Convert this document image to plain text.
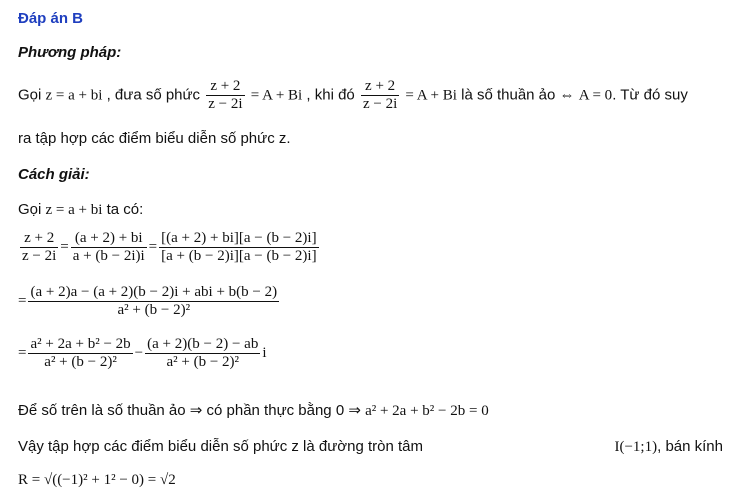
Đáp án B
Phương pháp:
Gọi z = a + bi , đưa số phức $\frac{z + 2}{z - 2i} = A + Bi$ , khi đó $\frac{z + 2}{z - 2i} = A + Bi$ là số thuần ảo ⇔ A = 0. Từ đó suy
ra tập hợp các điểm biểu diễn số phức z.
Cách giải:
Gọi z = a + bi ta có:
$\frac{z + 2}{z - 2i} = \frac{(a + 2) + bi}{a + (b - 2i)i} = \frac{[(a + 2) + bi][a - (b - 2)i]}{[a + (b - 2)i][a - (b - 2)i]}$
= $\frac{\text{(a + 2)a − (a + 2)(b − 2)i + abi + b(b − 2)}}{\text{a² + (b − 2)²}}$
= $\frac{\text{a² + 2a + b² − 2b}}{\text{a² + (b − 2)²}} - \frac{(a + 2)(b - 2) - ab}{\text{a² + (b − 2)²}}$ i
Để số trên là số thuần ảo ⇒ có phần thực bằng 0 ⇒ a² + 2a + b² − 2b = 0
Vậy tập hợp các điểm biểu diễn số phức z là đường tròn tâm	I(−1;1), bán kính
R = √((−1)² + 1² − 0) = √2
